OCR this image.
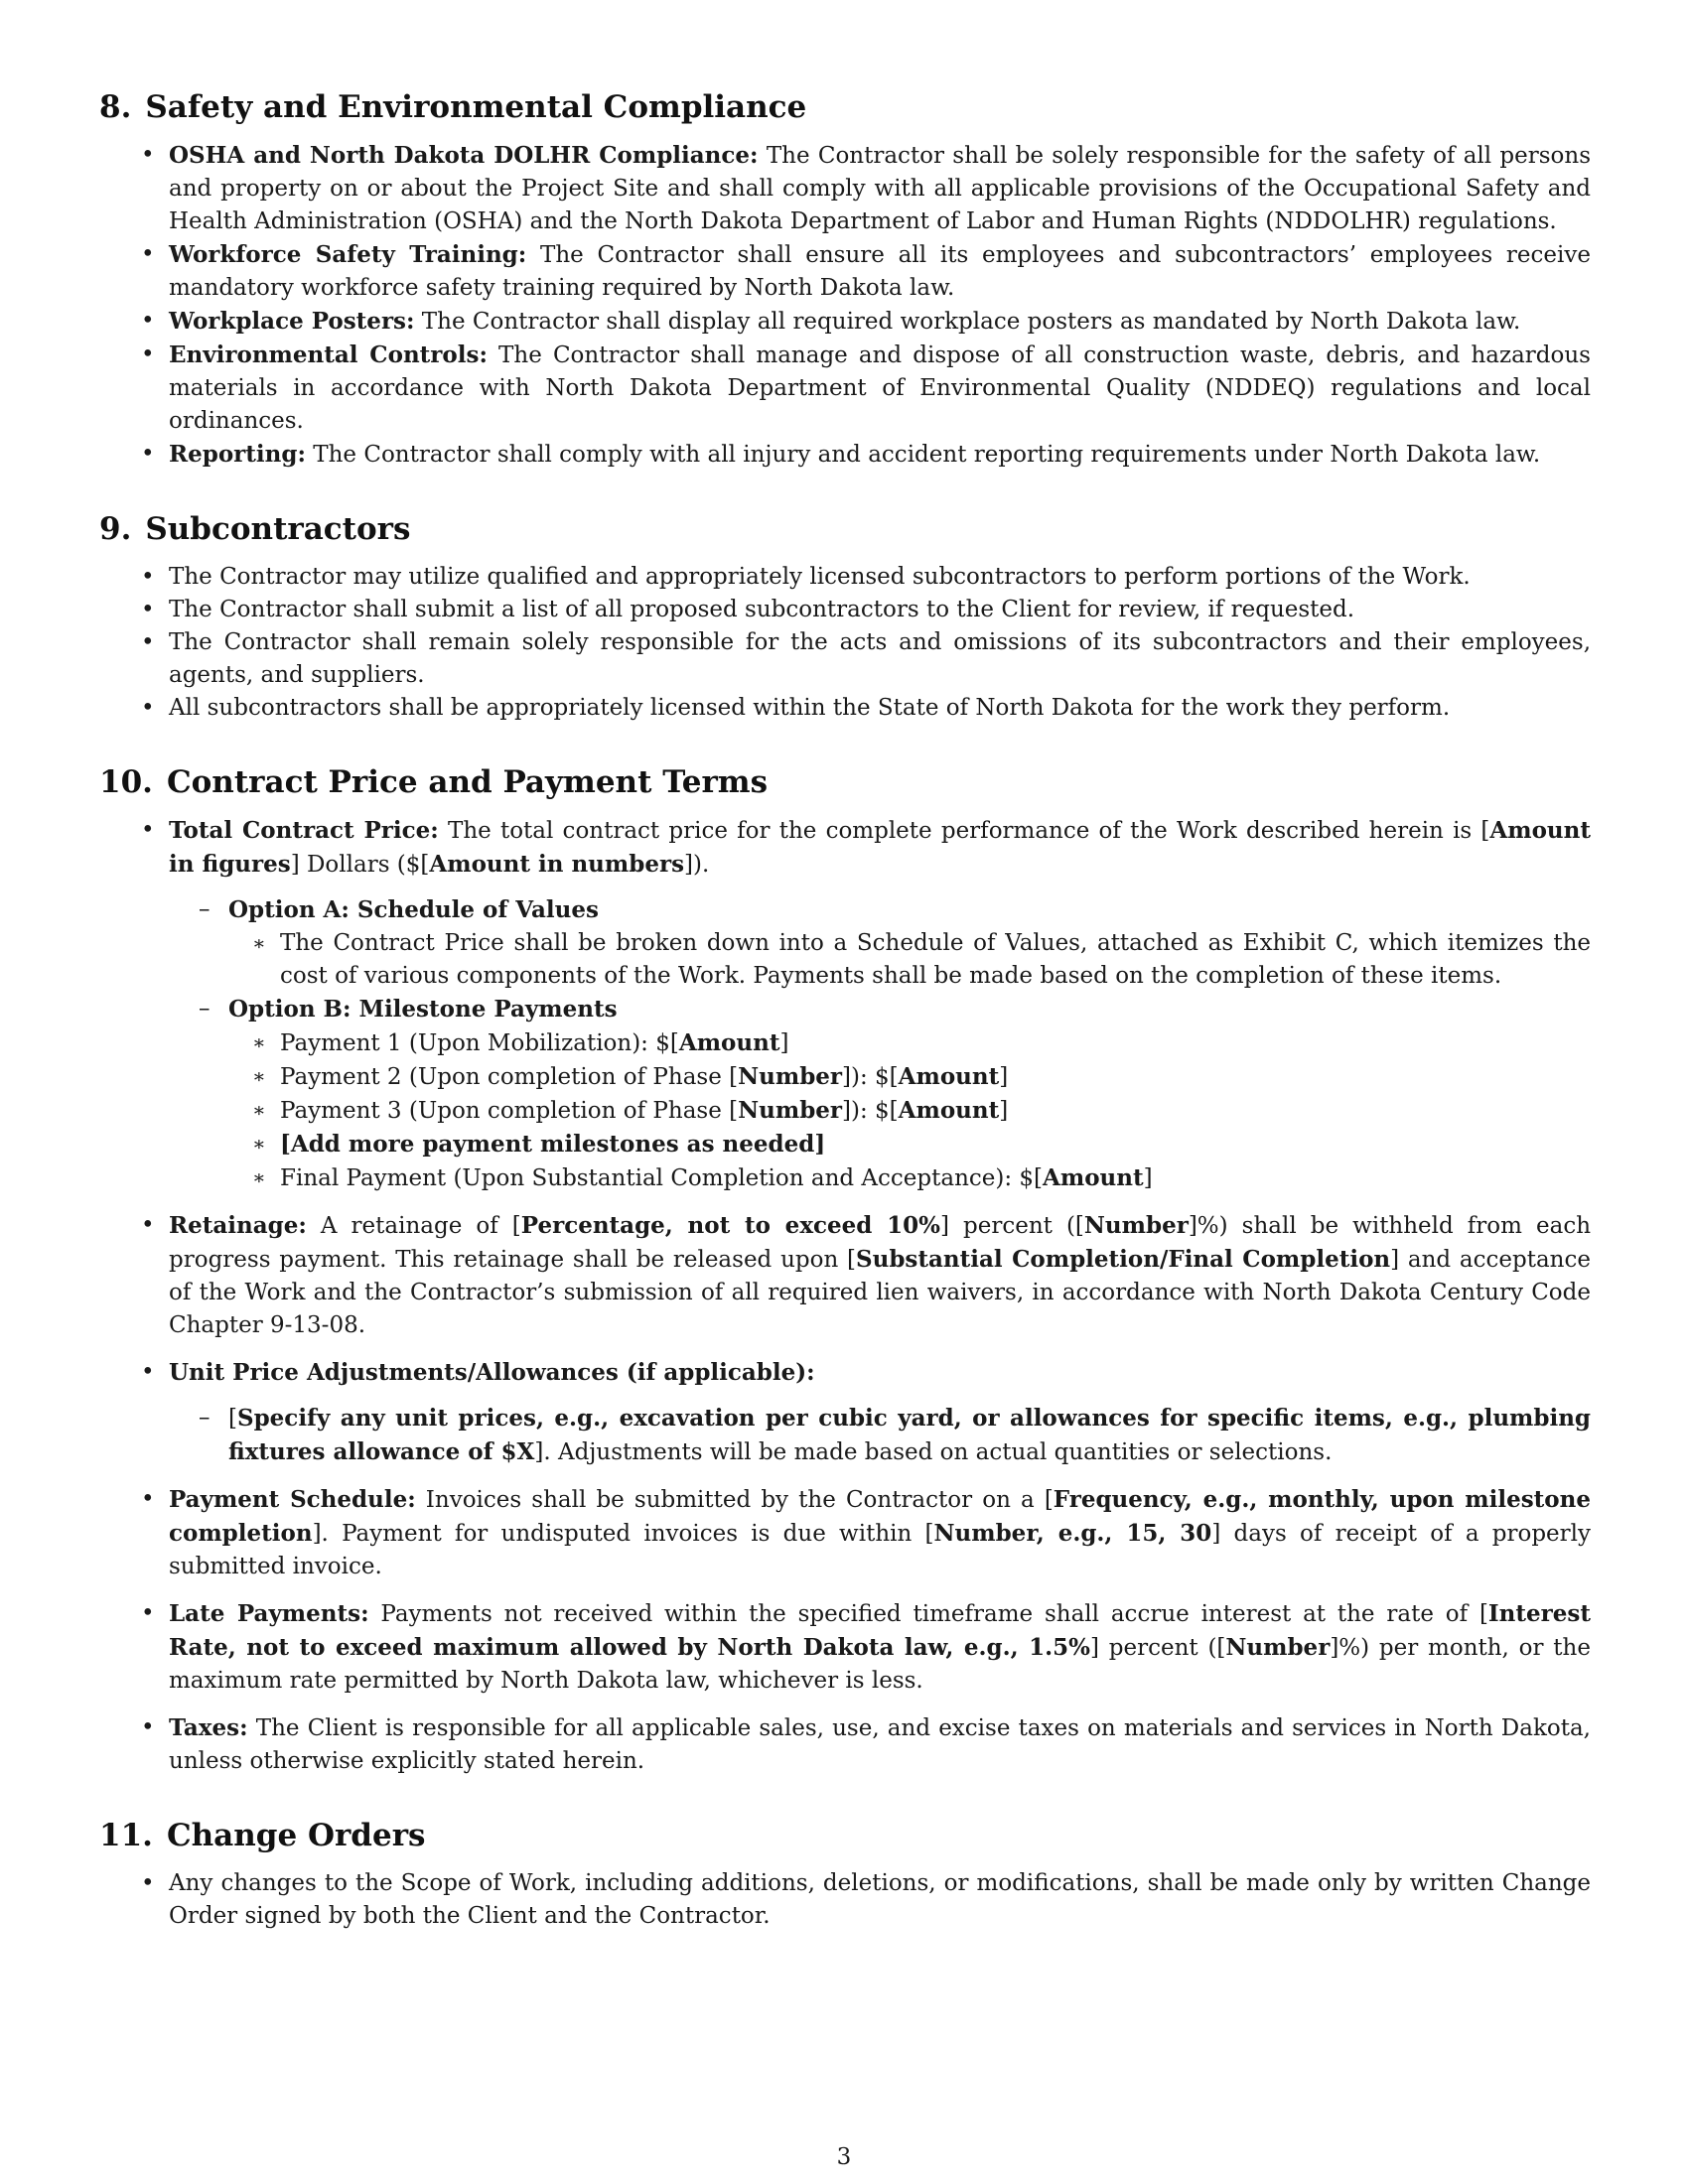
8. Safety and Environmental Compliance
• OSHA and North Dakota DOLHR Compliance: The Contractor shall be solely responsible for the safety of all persons and property on or about the Project Site and shall comply with all applicable provisions of the Occupational Safety and Health Administration (OSHA) and the North Dakota Department of Labor and Human Rights (NDDOLHR) regulations.
• Workforce Safety Training: The Contractor shall ensure all its employees and subcontractors’ employees receive mandatory workforce safety training required by North Dakota law.
• Workplace Posters: The Contractor shall display all required workplace posters as mandated by North Dakota law.
• Environmental Controls: The Contractor shall manage and dispose of all construction waste, debris, and hazardous materials in accordance with North Dakota Department of Environmental Quality (NDDEQ) regulations and local ordinances.
• Reporting: The Contractor shall comply with all injury and accident reporting requirements under North Dakota law.
9. Subcontractors
• The Contractor may utilize qualified and appropriately licensed subcontractors to perform portions of the Work.
• The Contractor shall submit a list of all proposed subcontractors to the Client for review, if requested.
• The Contractor shall remain solely responsible for the acts and omissions of its subcontractors and their employees, agents, and suppliers.
• All subcontractors shall be appropriately licensed within the State of North Dakota for the work they perform.
10. Contract Price and Payment Terms
• Total Contract Price: The total contract price for the complete performance of the Work described herein is [Amount in figures] Dollars ($[Amount in numbers]).
– Option A: Schedule of Values
∗ The Contract Price shall be broken down into a Schedule of Values, attached as Exhibit C, which itemizes the cost of various components of the Work. Payments shall be made based on the completion of these items.
– Option B: Milestone Payments
∗ Payment 1 (Upon Mobilization): $[Amount]
∗ Payment 2 (Upon completion of Phase [Number]): $[Amount]
∗ Payment 3 (Upon completion of Phase [Number]): $[Amount]
∗ [Add more payment milestones as needed]
∗ Final Payment (Upon Substantial Completion and Acceptance): $[Amount]
• Retainage: A retainage of [Percentage, not to exceed 10%] percent ([Number]%) shall be withheld from each progress payment. This retainage shall be released upon [Substantial Completion/Final Completion] and acceptance of the Work and the Contractor’s submission of all required lien waivers, in accordance with North Dakota Century Code Chapter 9-13-08.
• Unit Price Adjustments/Allowances (if applicable):
– [Specify any unit prices, e.g., excavation per cubic yard, or allowances for specific items, e.g., plumbing fixtures allowance of $X]. Adjustments will be made based on actual quantities or selections.
• Payment Schedule: Invoices shall be submitted by the Contractor on a [Frequency, e.g., monthly, upon milestone completion]. Payment for undisputed invoices is due within [Number, e.g., 15, 30] days of receipt of a properly submitted invoice.
• Late Payments: Payments not received within the specified timeframe shall accrue interest at the rate of [Interest Rate, not to exceed maximum allowed by North Dakota law, e.g., 1.5%] percent ([Number]%) per month, or the maximum rate permitted by North Dakota law, whichever is less.
• Taxes: The Client is responsible for all applicable sales, use, and excise taxes on materials and services in North Dakota, unless otherwise explicitly stated herein.
11. Change Orders
• Any changes to the Scope of Work, including additions, deletions, or modifications, shall be made only by written Change Order signed by both the Client and the Contractor.
3
